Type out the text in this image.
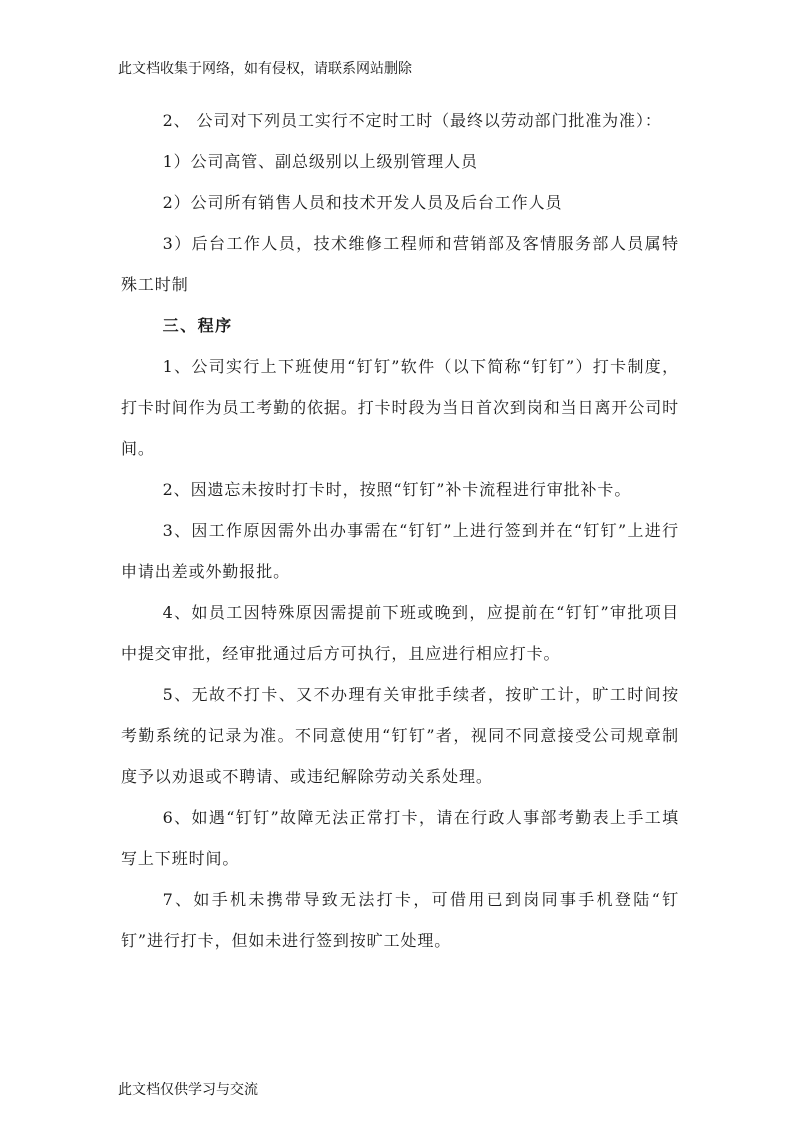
此文档收集于网络，如有侵权，请联系网站删除

2、 公司对下列员工实行不定时工时（最终以劳动部门批准为准）：

1）公司高管、副总级别以上级别管理人员

2）公司所有销售人员和技术开发人员及后台工作人员

3）后台工作人员，技术维修工程师和营销部及客情服务部人员属特殊工时制

三、程序

1、公司实行上下班使用“钉钉”软件（以下简称“钉钉”）打卡制度，打卡时间作为员工考勤的依据。打卡时段为当日首次到岗和当日离开公司时间。

2、因遗忘未按时打卡时，按照“钉钉”补卡流程进行审批补卡。

3、因工作原因需外出办事需在“钉钉”上进行签到并在“钉钉”上进行申请出差或外勤报批。

4、如员工因特殊原因需提前下班或晚到，应提前在“钉钉”审批项目中提交审批，经审批通过后方可执行，且应进行相应打卡。

5、无故不打卡、又不办理有关审批手续者，按旷工计，旷工时间按考勤系统的记录为准。不同意使用“钉钉”者，视同不同意接受公司规章制度予以劝退或不聘请、或违纪解除劳动关系处理。

6、如遇“钉钉”故障无法正常打卡，请在行政人事部考勤表上手工填写上下班时间。

7、如手机未携带导致无法打卡，可借用已到岗同事手机登陆“钉钉”进行打卡，但如未进行签到按旷工处理。

此文档仅供学习与交流
